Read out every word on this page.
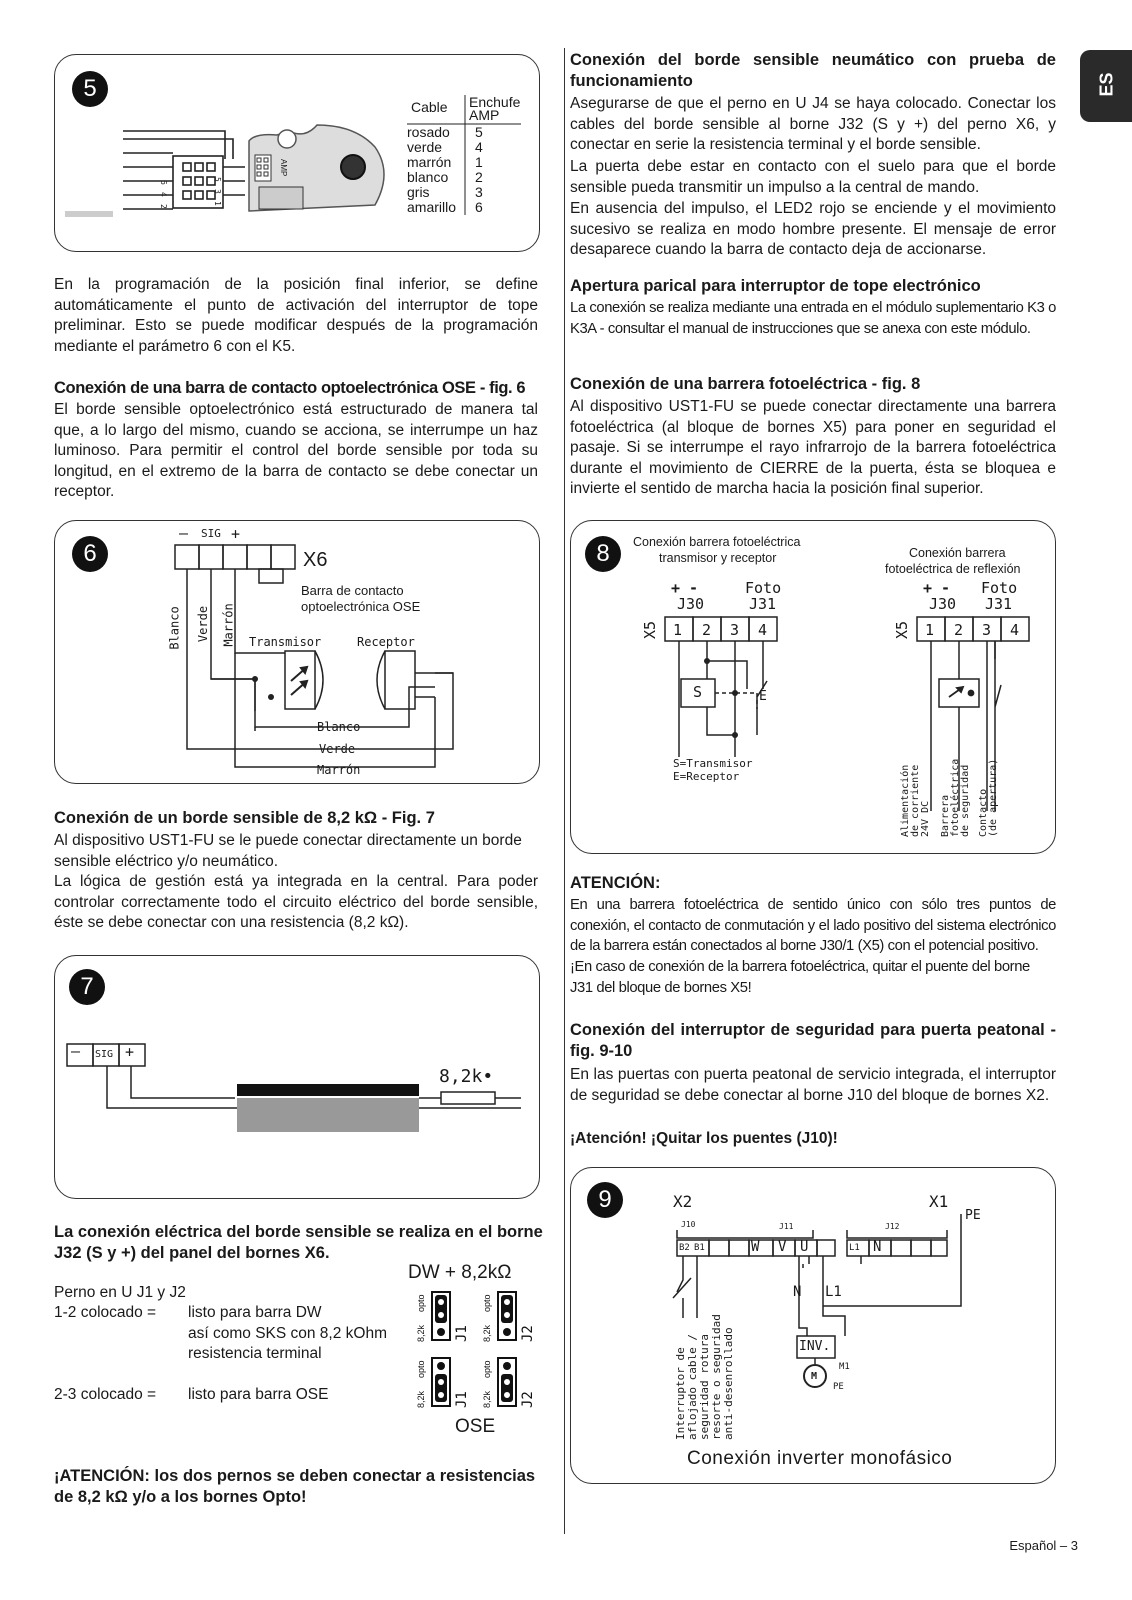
ES
5
6
4
2
5
3
1
AMP
Cable Enchufe
AMP
rosado 5
verde 4
marrón 1
blanco 2
gris	3
amarillo 6

En la programación de la posición final inferior, se define automáticamente el punto de activación del interruptor de tope preliminar. Esto se puede modificar después de la programación mediante el parámetro 6 con el K5.

Conexión de una barra de contacto optoelectrónica OSE - fig. 6

El borde sensible optoelectrónico está estructurado de manera tal que, a lo largo del mismo, cuando se acciona, se interrumpe un haz luminoso. Para permitir el control del borde sensible por toda su longitud, en el extremo de la barra de contacto se debe conectar un receptor.

6
– SIG +
X6
Barra de contacto
optoelectrónica OSE
Blanco Verde Marrón Transmisor	Receptor
Blanco
Verde
Marrón

Conexión de un borde sensible de 8,2 kΩ - Fig. 7

Al dispositivo UST1-FU se le puede conectar directamente un borde sensible eléctrico y/o neumático.

La lógica de gestión está ya integrada en la central. Para poder controlar correctamente todo el circuito eléctrico del borde sensible, éste se debe conectar con una resistencia (8,2 kΩ).

7
– SIG +
8,2k•

La conexión eléctrica del borde sensible se realiza en el borne J32 (S y +) del panel del bornes X6.

Perno en U J1 y J2
1-2 colocado = listo para barra DW
así como SKS con 8,2 kOhm
resistencia terminal
2-3 colocado = listo para barra OSE
DW + 8,2kΩ
8,2k
opto
8,2k
opto
8,2k
opto
8,2k
opto
J1	J2
J1	J2
OSE

¡ATENCIÓN: los dos pernos se deben conectar a resistencias de 8,2 kΩ y/o a los bornes Opto!

Conexión del borde sensible neumático con prueba de funcionamiento

Asegurarse de que el perno en U J4 se haya colocado. Conectar los cables del borde sensible al borne J32 (S y +) del perno X6, y conectar en serie la resistencia terminal y el borde sensible.

La puerta debe estar en contacto con el suelo para que el borde sensible pueda transmitir un impulso a la central de mando.

En ausencia del impulso, el LED2 rojo se enciende y el movimiento sucesivo se realiza en modo hombre presente. El mensaje de error desaparece cuando la barra de contacto deja de accionarse.

Apertura parical para interruptor de tope electrónico

La conexión se realiza mediante una entrada en el módulo suplementario K3 o K3A - consultar el manual de instrucciones que se anexa con este módulo.

Conexión de una barrera fotoeléctrica - fig. 8

Al dispositivo UST1-FU se puede conectar directamente una barrera fotoeléctrica (al bloque de bornes X5) para poner en seguridad el pasaje. Si se interrumpe el rayo infrarrojo de la barrera fotoeléctrica durante el movimiento de CIERRE de la puerta, ésta se bloquea e invierte el sentido de marcha hacia la posición final superior.

8	Conexión barrera fotoeléctrica
transmisor y receptor	Conexión barrera
fotoeléctrica de reflexión
+ -	Foto
J30	J31
X5 1 2 3 4
S	E
S=Transmisor
E=Receptor
+ - Foto
J30 J31
X5 1 2 3 4
Alimentación de corriente 24V DC Barrera fotoeléctrica de seguridad Contacto (de apertura)

ATENCIÓN:

En una barrera fotoeléctrica de sentido único con sólo tres puntos de conexión, el contacto de conmutación y el lado positivo del sistema electrónico de la barrera están conectados al borne J30/1 (X5) con el potencial positivo.

¡En caso de conexión de la barrera fotoeléctrica, quitar el puente del borne J31 del bloque de bornes X5!

Conexión del interruptor de seguridad para puerta peatonal - fig. 9-10

En las puertas con puerta peatonal de servicio integrada, el interruptor de seguridad se debe conectar al borne J10 del bloque de bornes X2.

¡Atención! ¡Quitar los puentes (J10)!

9	X2	X1
PE
J10	J11	J12
B2 B1	W V U	L1 N
N L1
INV.
M1
M
PE
Interruptor de aflojado cable / seguridad rotura resorte o seguridad anti-desenrollado
Conexión inverter monofásico
Español – 3
